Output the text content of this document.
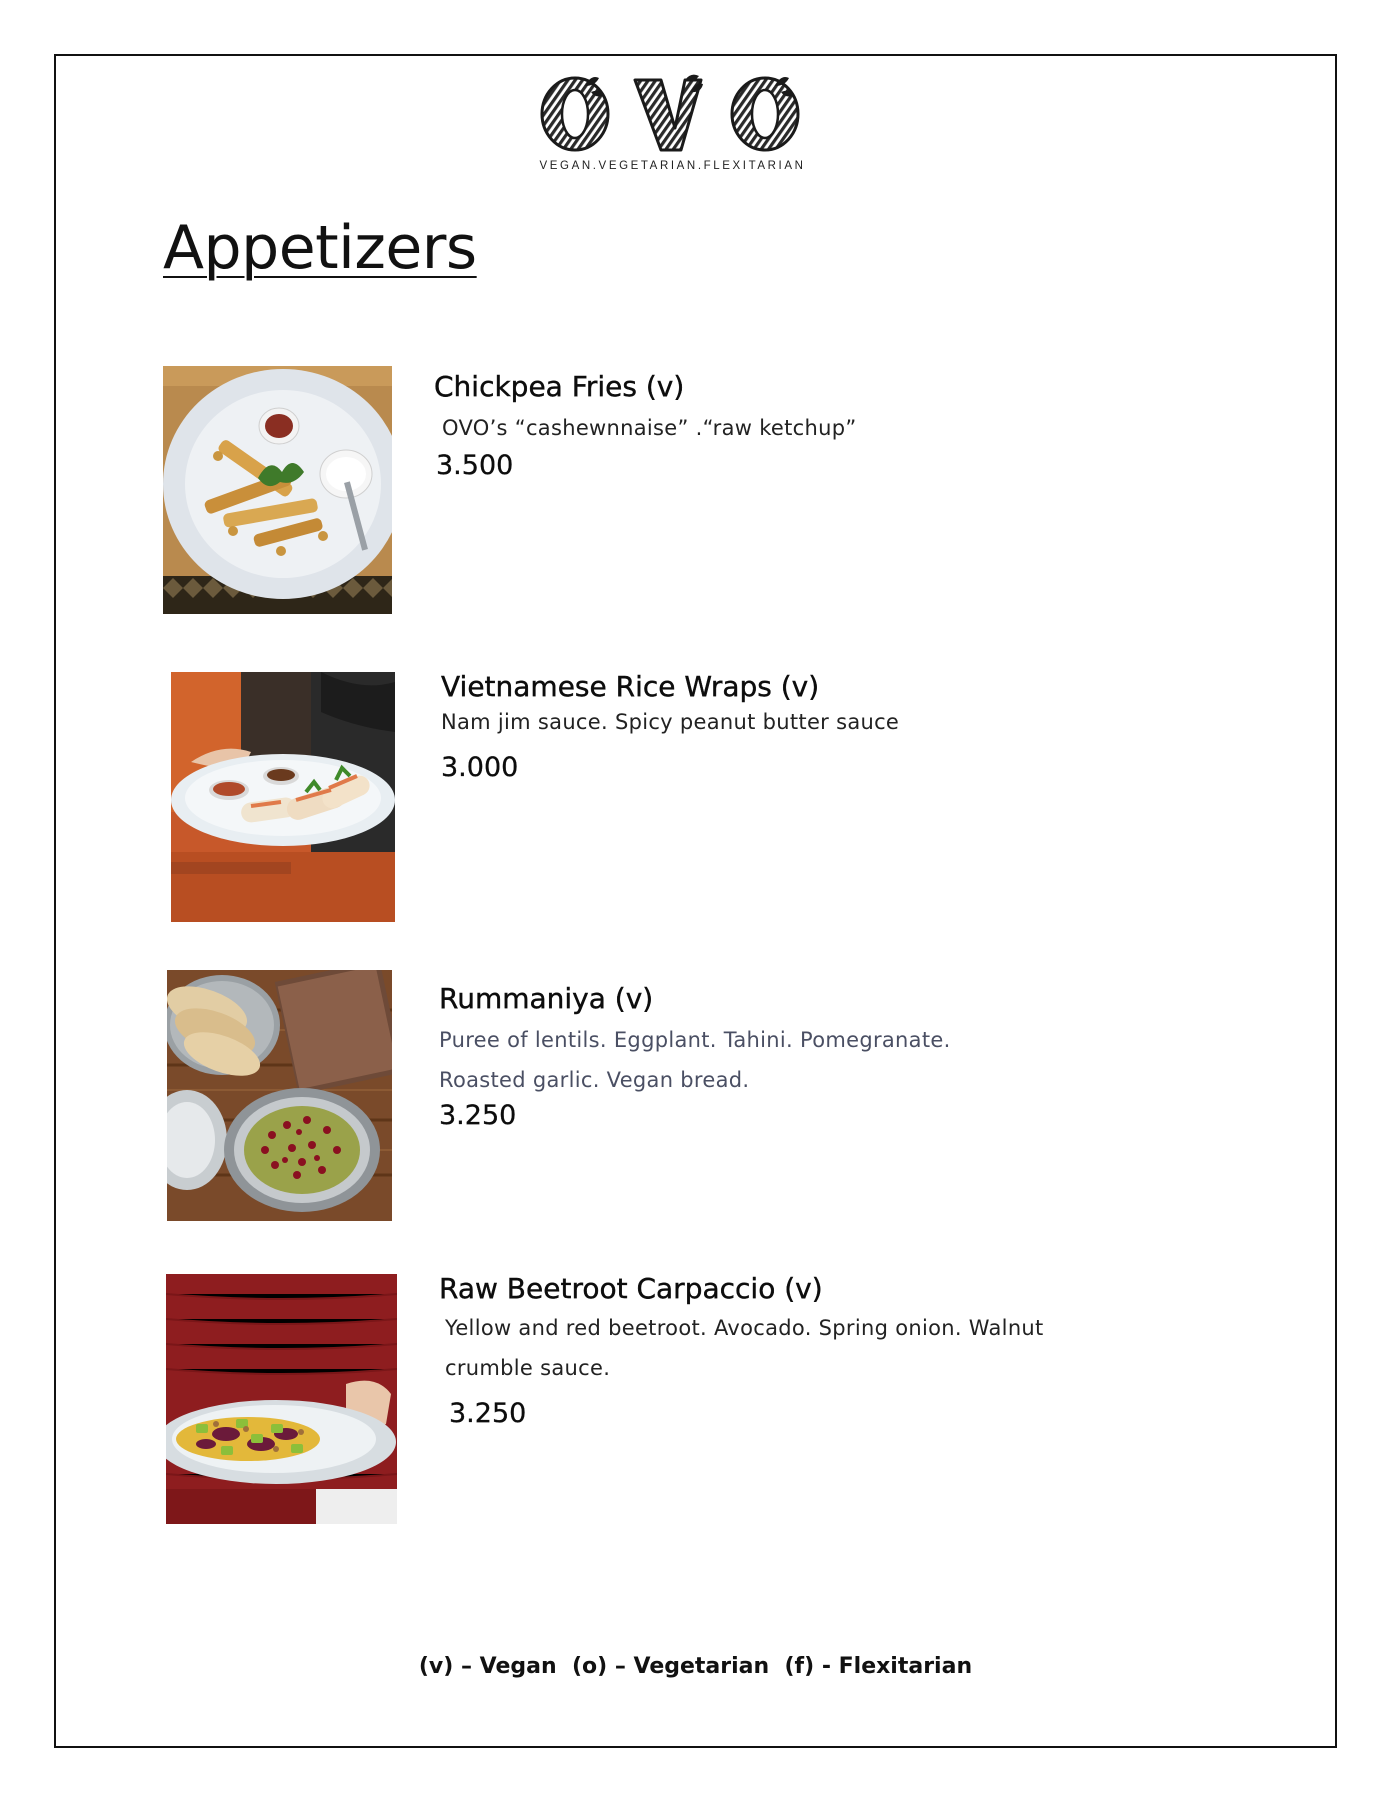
VEGAN.VEGETARIAN.FLEXITARIAN
Appetizers

Chickpea Fries (v)

OVO’s “cashewnnaise” .“raw ketchup”

3.500

Vietnamese Rice Wraps (v)

Nam jim sauce. Spicy peanut butter sauce

3.000

Rummaniya (v)

Puree of lentils. Eggplant. Tahini. Pomegranate.

Roasted garlic. Vegan bread.

3.250

Raw Beetroot Carpaccio (v)

Yellow and red beetroot. Avocado. Spring onion. Walnut

crumble sauce.

3.250

(v) – Vegan  (o) – Vegetarian  (f) - Flexitarian
